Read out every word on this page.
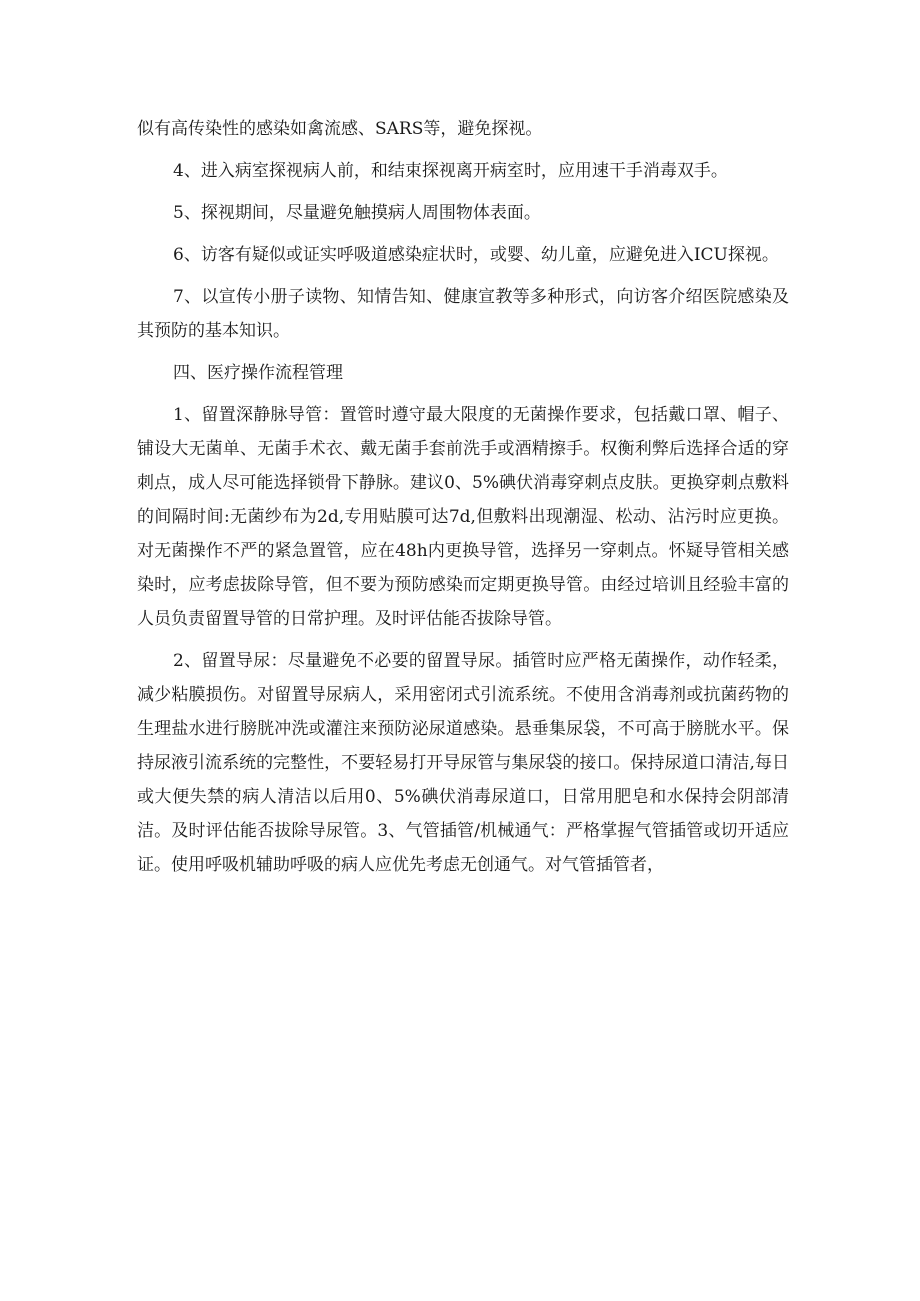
似有高传染性的感染如禽流感、SARS等，避免探视。

4、进入病室探视病人前，和结束探视离开病室时，应用速干手消毒双手。

5、探视期间，尽量避免触摸病人周围物体表面。

6、访客有疑似或证实呼吸道感染症状时，或婴、幼儿童，应避免进入ICU探视。

7、以宣传小册子读物、知情告知、健康宣教等多种形式，向访客介绍医院感染及其预防的基本知识。

四、医疗操作流程管理

1、留置深静脉导管：置管时遵守最大限度的无菌操作要求，包括戴口罩、帽子、铺设大无菌单、无菌手术衣、戴无菌手套前洗手或酒精擦手。权衡利弊后选择合适的穿刺点，成人尽可能选择锁骨下静脉。建议0、5%碘伏消毒穿刺点皮肤。更换穿刺点敷料的间隔时间:无菌纱布为2d,专用贴膜可达7d,但敷料出现潮湿、松动、沾污时应更换。对无菌操作不严的紧急置管，应在48h内更换导管，选择另一穿刺点。怀疑导管相关感染时，应考虑拔除导管，但不要为预防感染而定期更换导管。由经过培训且经验丰富的人员负责留置导管的日常护理。及时评估能否拔除导管。

2、留置导尿：尽量避免不必要的留置导尿。插管时应严格无菌操作，动作轻柔，减少粘膜损伤。对留置导尿病人，采用密闭式引流系统。不使用含消毒剂或抗菌药物的生理盐水进行膀胱冲洗或灌注来预防泌尿道感染。悬垂集尿袋，不可高于膀胱水平。保持尿液引流系统的完整性，不要轻易打开导尿管与集尿袋的接口。保持尿道口清洁,每日或大便失禁的病人清洁以后用0、5%碘伏消毒尿道口，日常用肥皂和水保持会阴部清洁。及时评估能否拔除导尿管。3、气管插管/机械通气：严格掌握气管插管或切开适应证。使用呼吸机辅助呼吸的病人应优先考虑无创通气。对气管插管者，
